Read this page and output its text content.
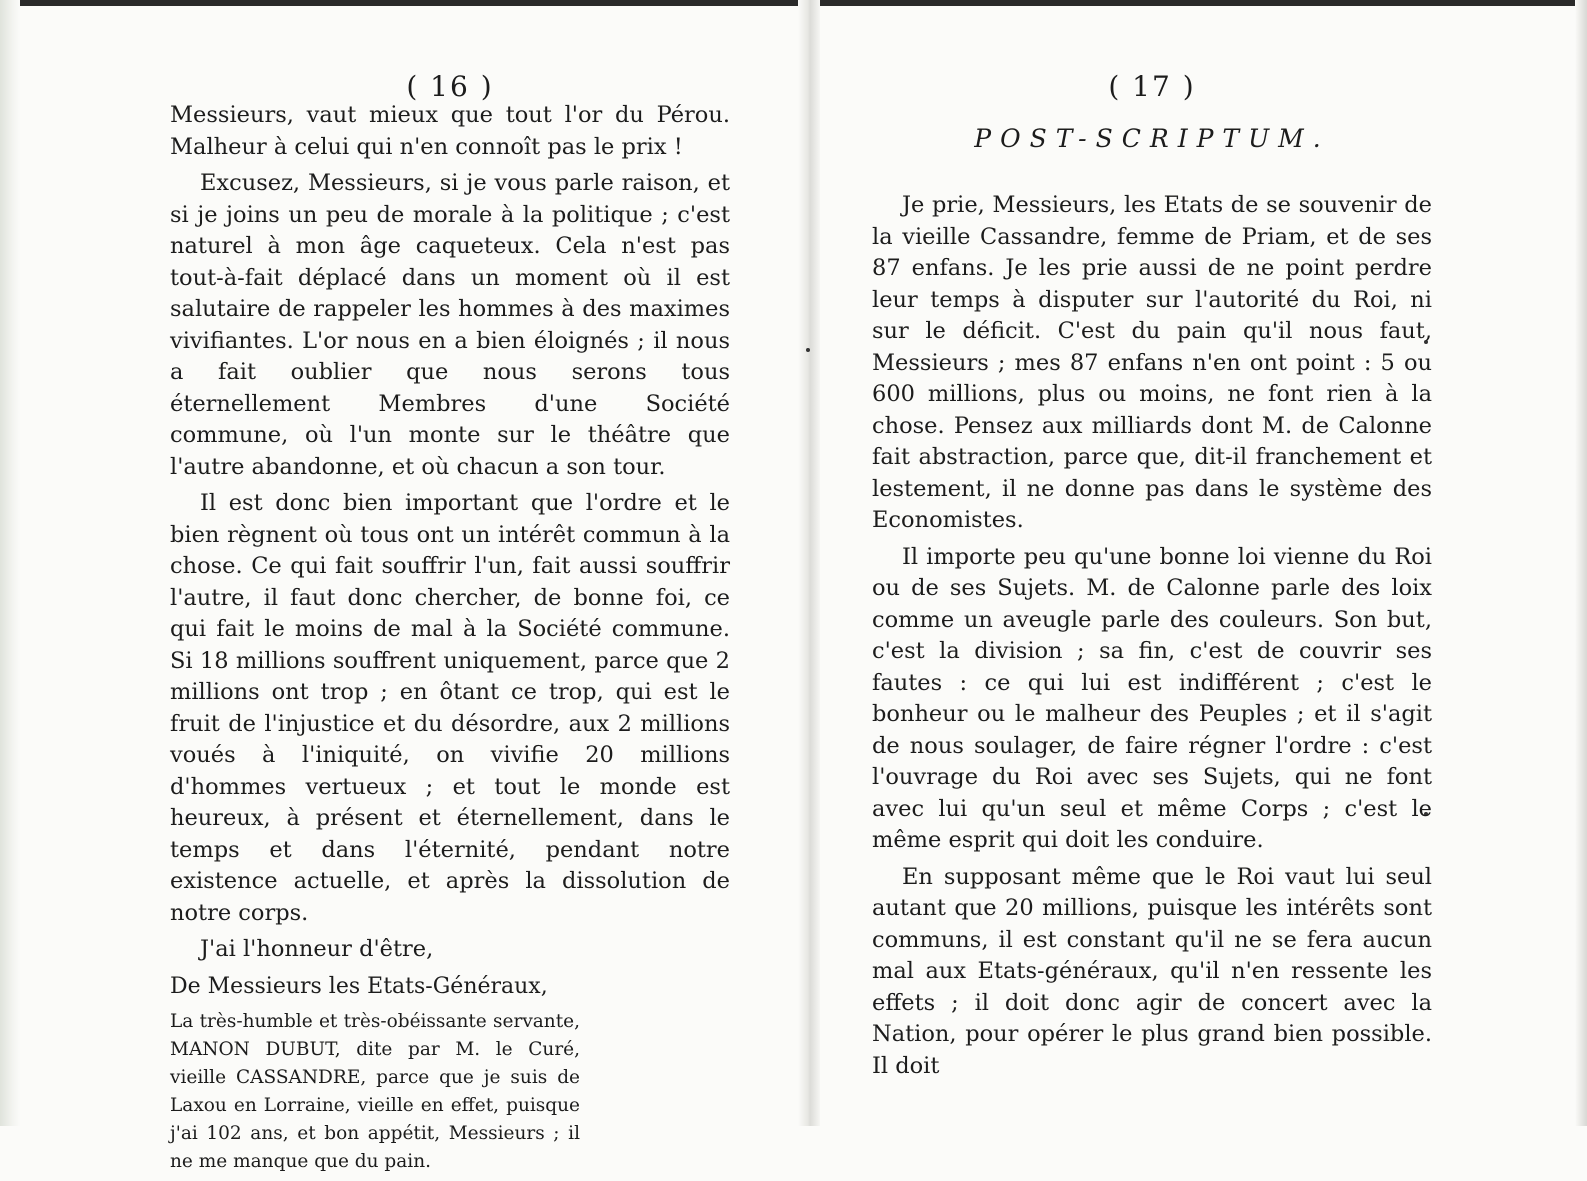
( 16 )

Messieurs, vaut mieux que tout l'or du Pérou. Malheur à celui qui n'en connoît pas le prix !

Excusez, Messieurs, si je vous parle raison, et si je joins un peu de morale à la politique ; c'est naturel à mon âge caqueteux. Cela n'est pas tout-à-fait déplacé dans un moment où il est salutaire de rappeler les hommes à des maximes vivifiantes. L'or nous en a bien éloignés ; il nous a fait oublier que nous serons tous éternellement Membres d'une Société commune, où l'un monte sur le théâtre que l'autre abandonne, et où chacun a son tour.

Il est donc bien important que l'ordre et le bien règnent où tous ont un intérêt commun à la chose. Ce qui fait souffrir l'un, fait aussi souffrir l'autre, il faut donc chercher, de bonne foi, ce qui fait le moins de mal à la Société commune. Si 18 millions souffrent uniquement, parce que 2 millions ont trop ; en ôtant ce trop, qui est le fruit de l'injustice et du désordre, aux 2 millions voués à l'iniquité, on vivifie 20 millions d'hommes vertueux ; et tout le monde est heureux, à présent et éternellement, dans le temps et dans l'éternité, pendant notre existence actuelle, et après la dissolution de notre corps.

J'ai l'honneur d'être,

De Messieurs les Etats-Généraux,

La très-humble et très-obéissante servante, MANON DUBUT, dite par M. le Curé, vieille CASSANDRE, parce que je suis de Laxou en Lorraine, vieille en effet, puisque j'ai 102 ans, et bon appétit, Messieurs ; il ne me manque que du pain.

( 17 )
POST-SCRIPTUM.

Je prie, Messieurs, les Etats de se souvenir de la vieille Cassandre, femme de Priam, et de ses 87 enfans. Je les prie aussi de ne point perdre leur temps à disputer sur l'autorité du Roi, ni sur le déficit. C'est du pain qu'il nous faut, Messieurs ; mes 87 enfans n'en ont point : 5 ou 600 millions, plus ou moins, ne font rien à la chose. Pensez aux milliards dont M. de Calonne fait abstraction, parce que, dit-il franchement et lestement, il ne donne pas dans le système des Economistes.

Il importe peu qu'une bonne loi vienne du Roi ou de ses Sujets. M. de Calonne parle des loix comme un aveugle parle des couleurs. Son but, c'est la division ; sa fin, c'est de couvrir ses fautes : ce qui lui est indifférent ; c'est le bonheur ou le malheur des Peuples ; et il s'agit de nous soulager, de faire régner l'ordre : c'est l'ouvrage du Roi avec ses Sujets, qui ne font avec lui qu'un seul et même Corps ; c'est le même esprit qui doit les conduire.

En supposant même que le Roi vaut lui seul autant que 20 millions, puisque les intérêts sont communs, il est constant qu'il ne se fera aucun mal aux Etats-généraux, qu'il n'en ressente les effets ; il doit donc agir de concert avec la Nation, pour opérer le plus grand bien possible. Il doit
